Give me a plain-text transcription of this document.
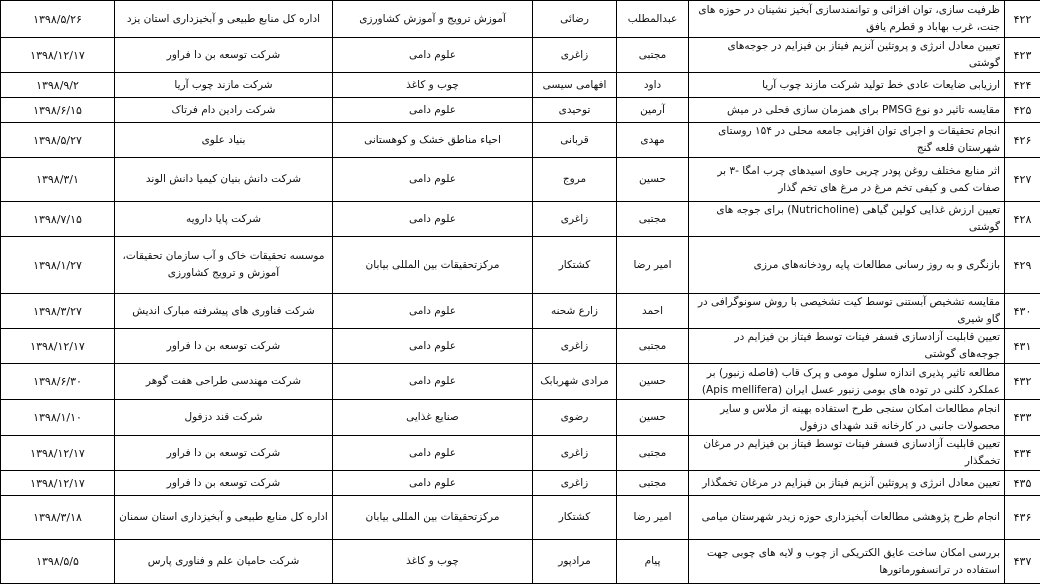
۴۲۲	ظرفیت سازی، توان افزائی و توانمندسازی آبخیز نشینان در حوزه های جنت، غرب بهاباد و قطرم یافق	عبدالمطلب	رضائی	آموزش ترویج و آموزش کشاورزی	اداره کل منابع طبیعی و آبخیزداری استان یزد	۱۳۹۸/۵/۲۶
۴۲۳	تعیین معادل انرژی و پروتئین آنزیم فیتاز بن فیزایم در جوجه‌های گوشتی	مجتبی	زاغری	علوم دامی	شرکت توسعه بن دا فراور	۱۳۹۸/۱۲/۱۷
۴۲۴	ارزیابی ضایعات عادی خط تولید شرکت مازند چوب آریا	داود	افهامی سیسی	چوب و کاغذ	شرکت مازند چوب آریا	۱۳۹۸/۹/۲
۴۲۵	مقایسه تاثیر دو نوع PMSG برای همزمان سازی فحلی در میش	آرمین	توحیدی	علوم دامی	شرکت رادین دام فرتاک	۱۳۹۸/۶/۱۵
۴۲۶	انجام تحقیقات و اجرای توان افزایی جامعه محلی در ۱۵۴ روستای شهرستان قلعه گنج	مهدی	قربانی	احیاء مناطق خشک و کوهستانی	بنیاد علوی	۱۳۹۸/۵/۲۷
۴۲۷	اثر منابع مختلف روغن پودر چربی حاوی اسیدهای چرب امگا -۳ بر صفات کمی و کیفی تخم مرغ در مرغ های تخم گذار	حسین	مروج	علوم دامی	شرکت دانش بنیان کیمیا دانش الوند	۱۳۹۸/۳/۱
۴۲۸	تعیین ارزش غذایی کولین گیاهی (Nutricholine) برای جوجه های گوشتی	مجتبی	زاغری	علوم دامی	شرکت پایا دارویه	۱۳۹۸/۷/۱۵
۴۲۹	بازنگری و به روز رسانی مطالعات پایه رودخانه‌های مرزی	امیر رضا	کشتکار	مرکزتحقیقات بین المللی بیابان	موسسه تحقیقات خاک و آب سازمان تحقیقات، آموزش و ترویج کشاورزی	۱۳۹۸/۱/۲۷
۴۳۰	مقایسه تشخیص آبستنی توسط کیت تشخیصی با روش سونوگرافی در گاو شیری	احمد	زارع شحنه	علوم دامی	شرکت فناوری های پیشرفته مبارک اندیش	۱۳۹۸/۳/۲۷
۴۳۱	تعیین قابلیت آزادسازی فسفر فیتات توسط فیتاز بن فیزایم در جوجه‌های گوشتی	مجتبی	زاغری	علوم دامی	شرکت توسعه بن دا فراور	۱۳۹۸/۱۲/۱۷
۴۳۲	مطالعه تاثیر پذیری اندازه سلول مومی و پرک قاب (فاصله زنبور) بر عملکرد کلنی در توده های بومی زنبور عسل ایران (Apis mellifera)	حسین	مرادی شهربابک	علوم دامی	شرکت مهندسی طراحی هفت گوهر	۱۳۹۸/۶/۳۰
۴۳۳	انجام مطالعات امکان سنجی طرح استفاده بهینه از ملاس و سایر محصولات جانبی در کارخانه قند شهدای دزفول	حسین	رضوی	صنایع غذایی	شرکت قند دزفول	۱۳۹۸/۱/۱۰
۴۳۴	تعیین قابلیت آزادسازی فسفر فیتات توسط فیتاز بن فیزایم در مرغان تخمگذار	مجتبی	زاغری	علوم دامی	شرکت توسعه بن دا فراور	۱۳۹۸/۱۲/۱۷
۴۳۵	تعیین معادل انرژی و پروتئین آنزیم فیتاز بن فیزایم در مرغان تخمگذار	مجتبی	زاغری	علوم دامی	شرکت توسعه بن دا فراور	۱۳۹۸/۱۲/۱۷
۴۳۶	انجام طرح پژوهشی مطالعات آبخیزداری حوزه زیدر شهرستان میامی	امیر رضا	کشتکار	مرکزتحقیقات بین المللی بیابان	اداره کل منابع طبیعی و آبخیزداری استان سمنان	۱۳۹۸/۳/۱۸
۴۳۷	بررسی امکان ساخت عایق الکتریکی از چوب و لایه های چوبی جهت استفاده در ترانسفورماتورها	پیام	مرادپور	چوب و کاغذ	شرکت حامیان علم و فناوری پارس	۱۳۹۸/۵/۵
